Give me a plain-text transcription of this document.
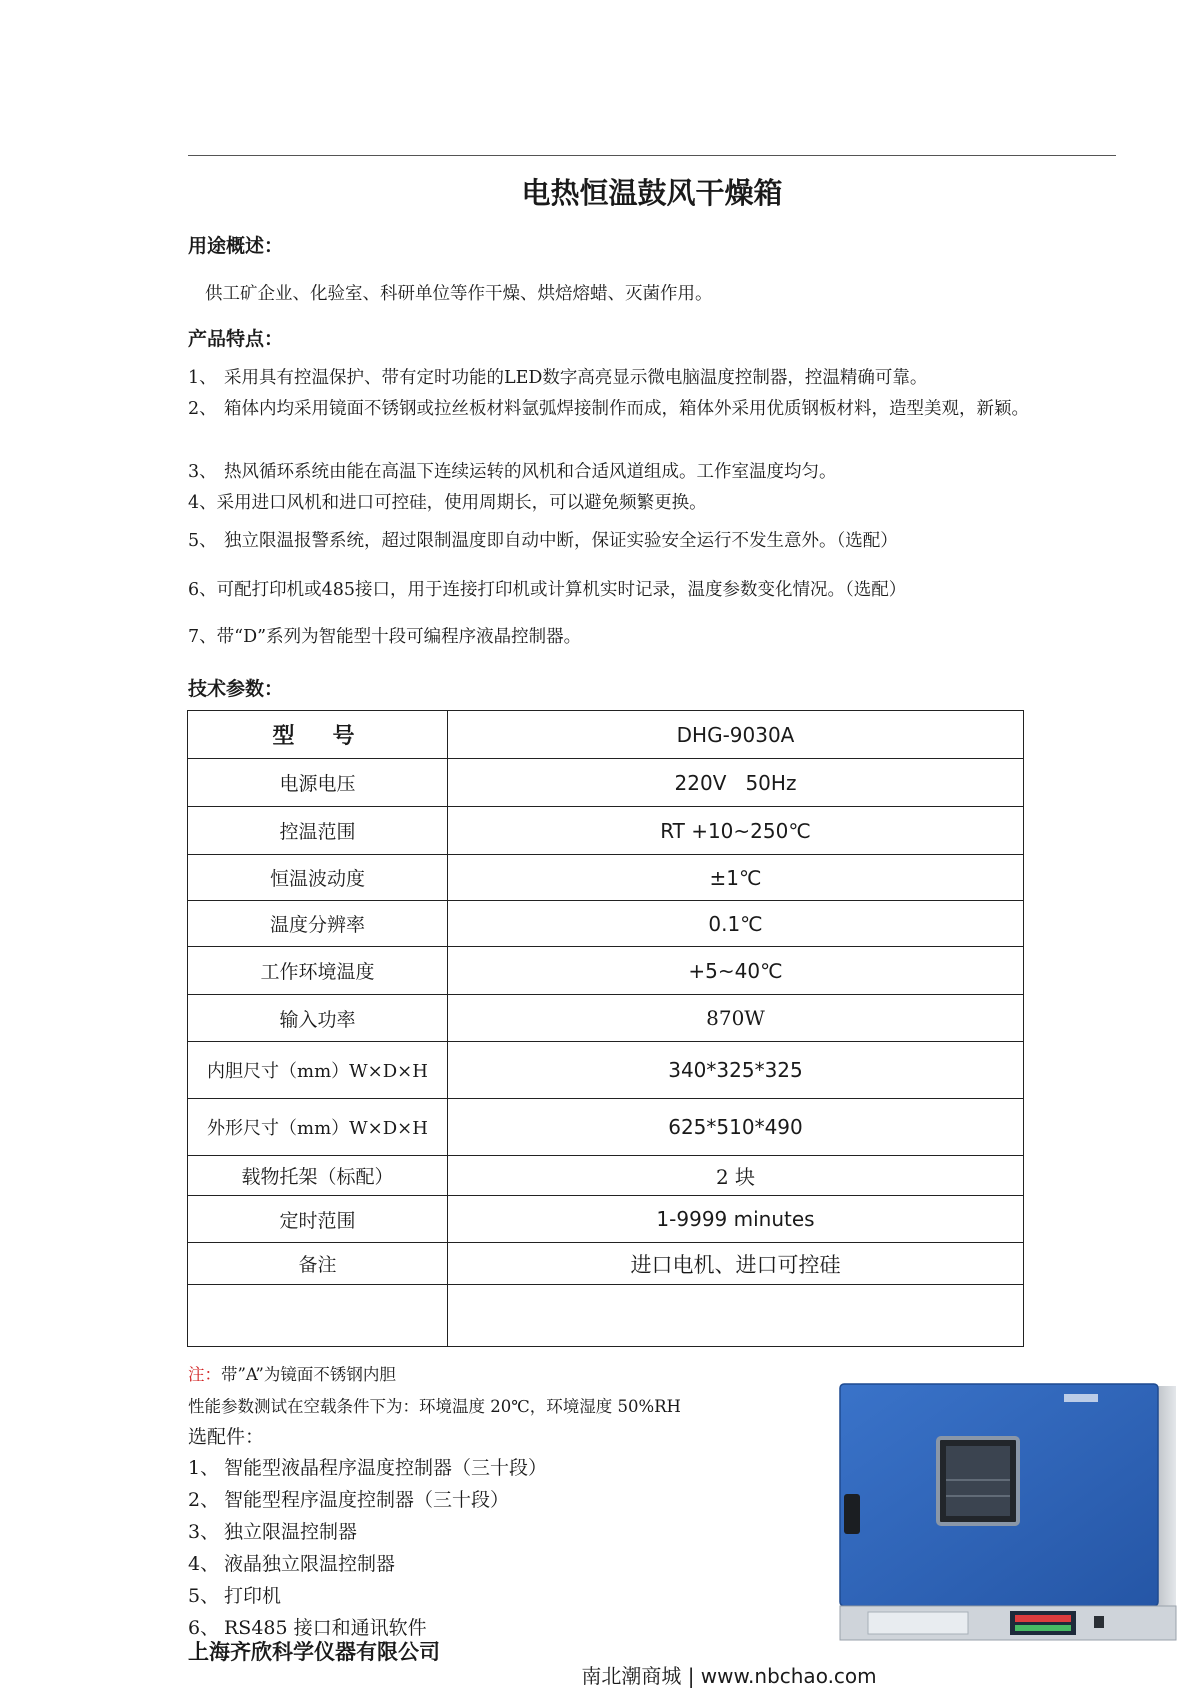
电热恒温鼓风干燥箱
用途概述：
供工矿企业、化验室、科研单位等作干燥、烘焙熔蜡、灭菌作用。
产品特点：
1、 采用具有控温保护、带有定时功能的LED数字高亮显示微电脑温度控制器，控温精确可靠。
2、 箱体内均采用镜面不锈钢或拉丝板材料氩弧焊接制作而成，箱体外采用优质钢板材料，造型美观，新颖。
3、 热风循环系统由能在高温下连续运转的风机和合适风道组成。工作室温度均匀。
4、采用进口风机和进口可控硅，使用周期长，可以避免频繁更换。
5、 独立限温报警系统，超过限制温度即自动中断，保证实验安全运行不发生意外。（选配）
6、可配打印机或485接口，用于连接打印机或计算机实时记录，温度参数变化情况。（选配）
7、带“D”系列为智能型十段可编程序液晶控制器。
技术参数：
型　号	DHG-9030A
电源电压	220V   50Hz
控温范围	RT +10~250℃
恒温波动度	±1℃
温度分辨率	0.1℃
工作环境温度	+5~40℃
输入功率	870W
内胆尺寸（mm）W×D×H	340*325*325
外形尺寸（mm）W×D×H	625*510*490
载物托架（标配）	2 块
定时范围	1-9999 minutes
备注	进口电机、进口可控硅

注：带”A”为镜面不锈钢内胆
性能参数测试在空载条件下为：环境温度 20℃，环境湿度 50%RH
选配件：
1、 智能型液晶程序温度控制器（三十段）
2、 智能型程序温度控制器（三十段）
3、 独立限温控制器
4、 液晶独立限温控制器
5、 打印机
6、 RS485 接口和通讯软件
上海齐欣科学仪器有限公司
南北潮商城 | www.nbchao.com
